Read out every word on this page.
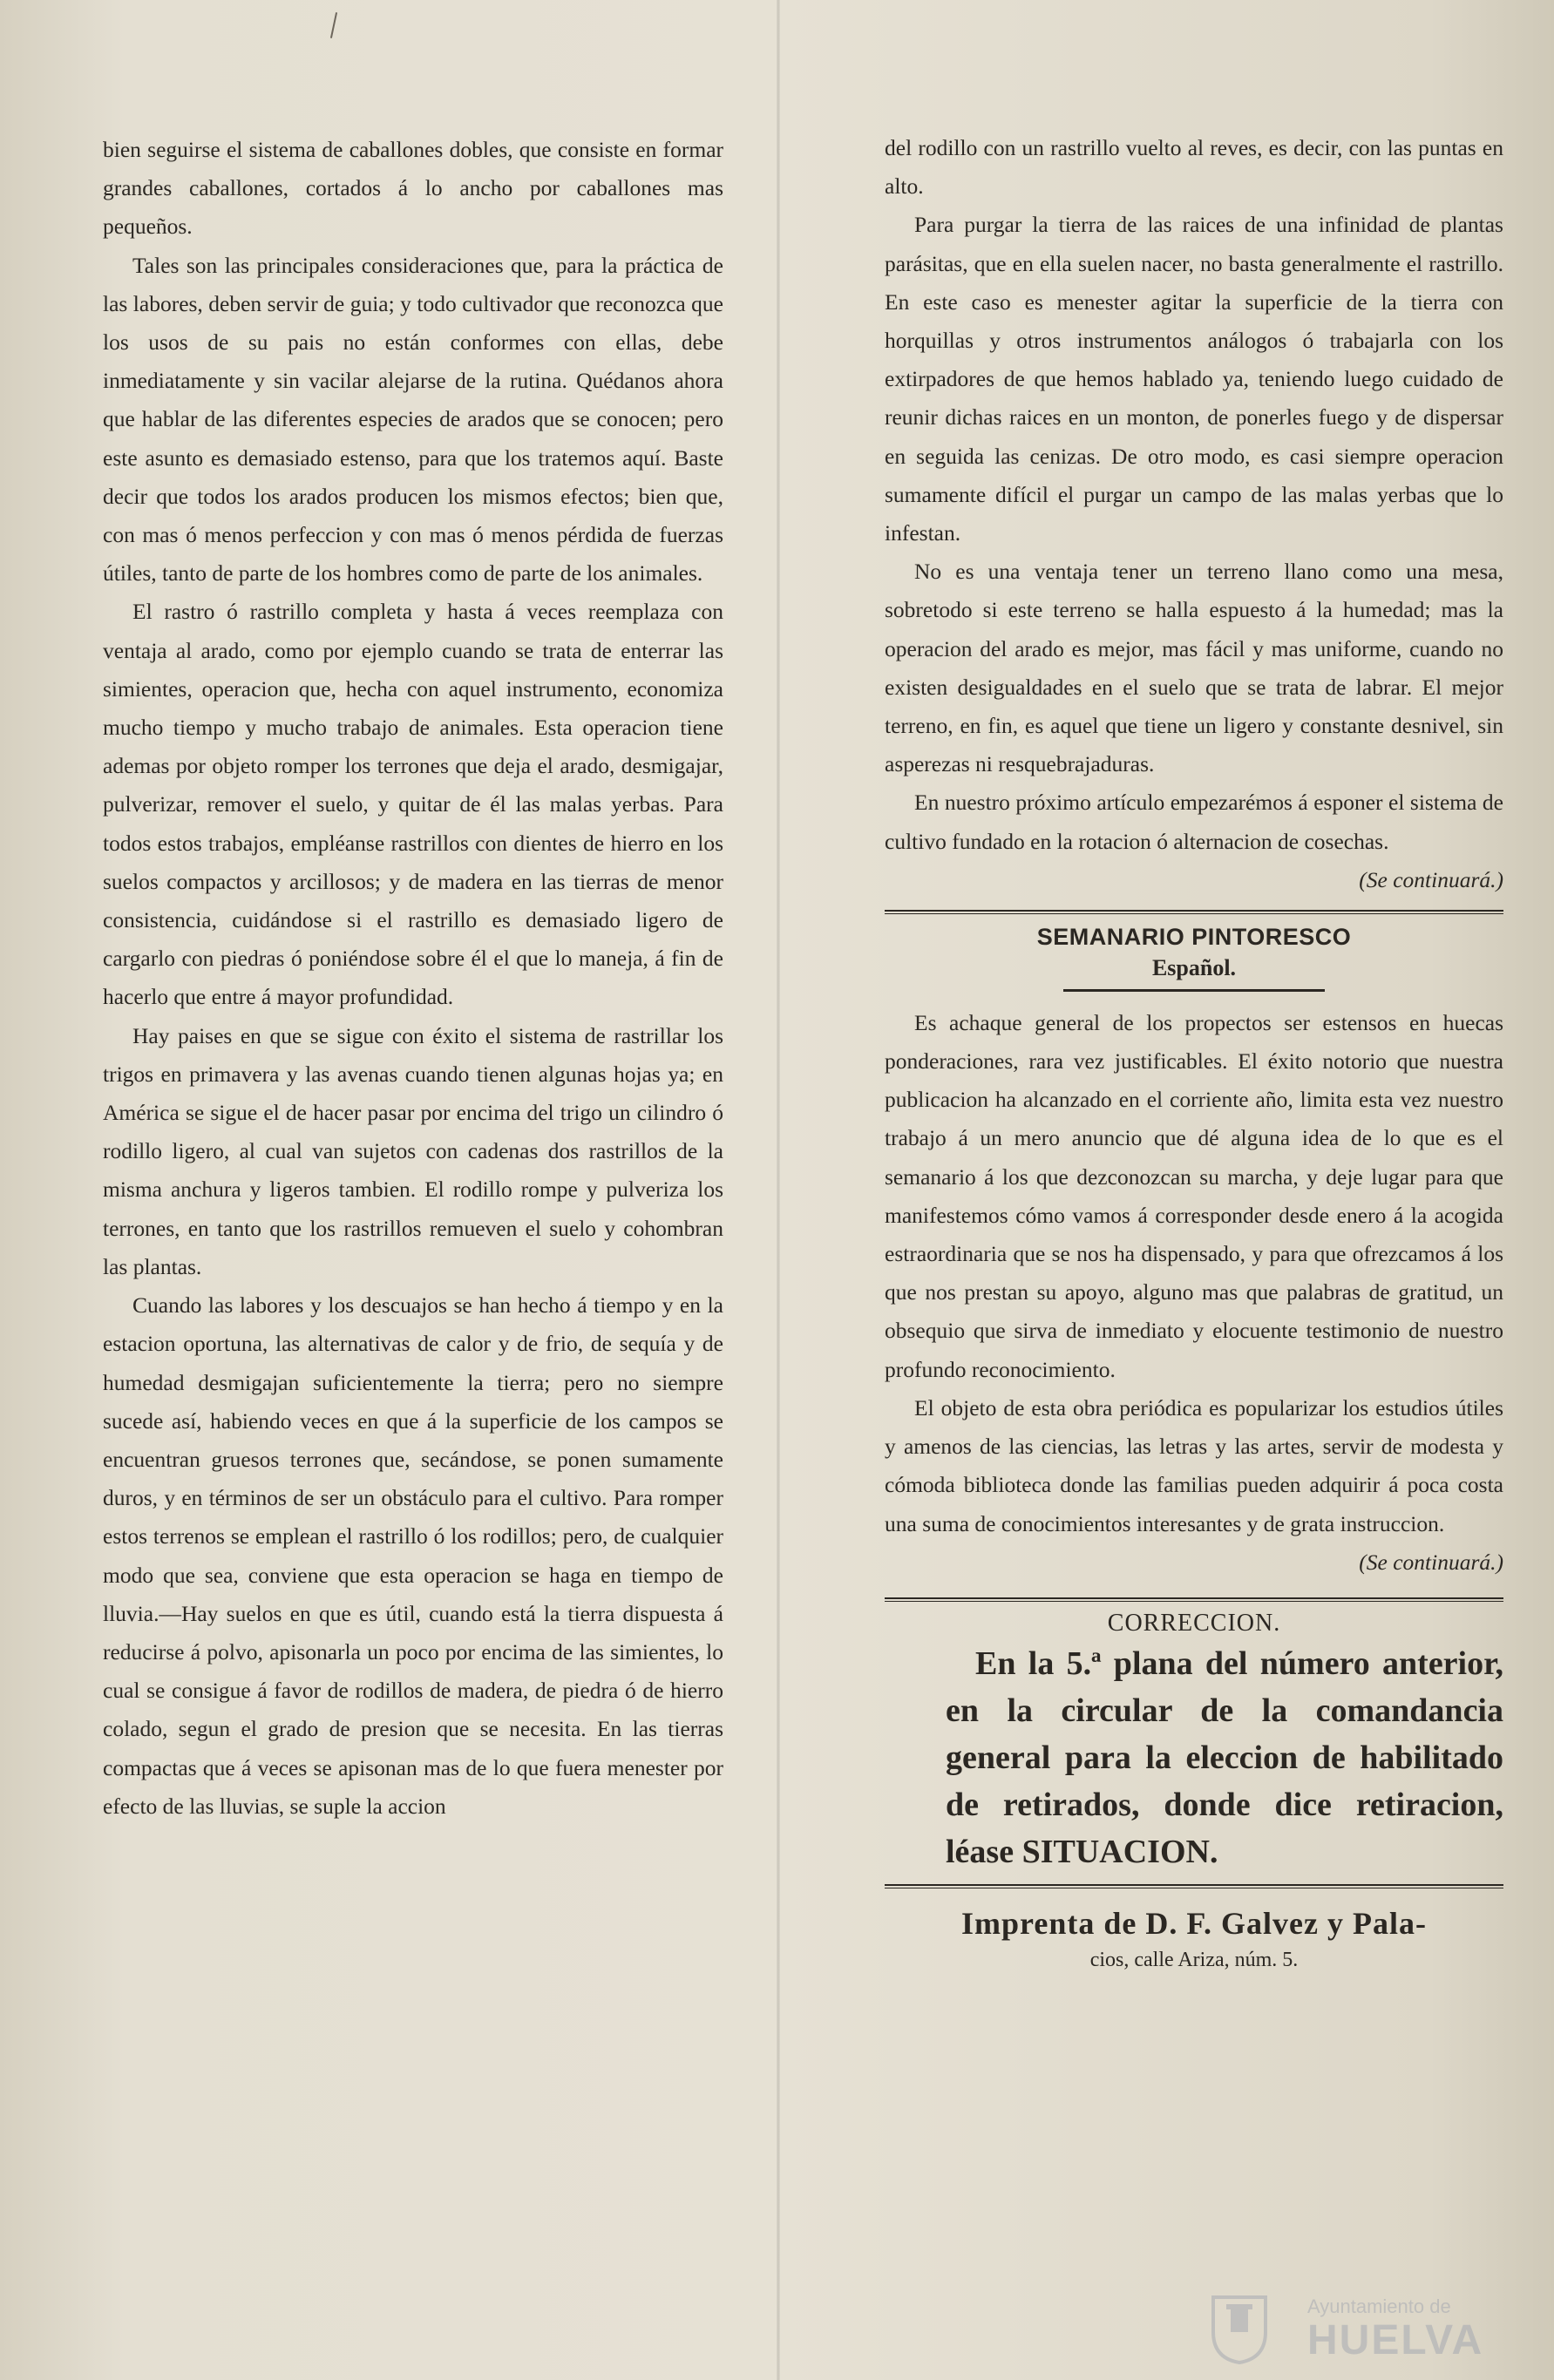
bien seguirse el sistema de caballones dobles, que consiste en formar grandes caballones, cortados á lo ancho por caballones mas pequeños.

Tales son las principales consideraciones que, para la práctica de las labores, deben servir de guia; y todo cultivador que reconozca que los usos de su pais no están conformes con ellas, debe inmediatamente y sin vacilar alejarse de la rutina. Quédanos ahora que hablar de las diferentes especies de arados que se conocen; pero este asunto es demasiado estenso, para que los tratemos aquí. Baste decir que todos los arados producen los mismos efectos; bien que, con mas ó menos perfeccion y con mas ó menos pérdida de fuerzas útiles, tanto de parte de los hombres como de parte de los animales.

El rastro ó rastrillo completa y hasta á veces reemplaza con ventaja al arado, como por ejemplo cuando se trata de enterrar las simientes, operacion que, hecha con aquel instrumento, economiza mucho tiempo y mucho trabajo de animales. Esta operacion tiene ademas por objeto romper los terrones que deja el arado, desmigajar, pulverizar, remover el suelo, y quitar de él las malas yerbas. Para todos estos trabajos, empléanse rastrillos con dientes de hierro en los suelos compactos y arcillosos; y de madera en las tierras de menor consistencia, cuidándose si el rastrillo es demasiado ligero de cargarlo con piedras ó poniéndose sobre él el que lo maneja, á fin de hacerlo que entre á mayor profundidad.

Hay paises en que se sigue con éxito el sistema de rastrillar los trigos en primavera y las avenas cuando tienen algunas hojas ya; en América se sigue el de hacer pasar por encima del trigo un cilindro ó rodillo ligero, al cual van sujetos con cadenas dos rastrillos de la misma anchura y ligeros tambien. El rodillo rompe y pulveriza los terrones, en tanto que los rastrillos remueven el suelo y cohombran las plantas.

Cuando las labores y los descuajos se han hecho á tiempo y en la estacion oportuna, las alternativas de calor y de frio, de sequía y de humedad desmigajan suficientemente la tierra; pero no siempre sucede así, habiendo veces en que á la superficie de los campos se encuentran gruesos terrones que, secándose, se ponen sumamente duros, y en términos de ser un obstáculo para el cultivo. Para romper estos terrenos se emplean el rastrillo ó los rodillos; pero, de cualquier modo que sea, conviene que esta operacion se haga en tiempo de lluvia.—Hay suelos en que es útil, cuando está la tierra dispuesta á reducirse á polvo, apisonarla un poco por encima de las simientes, lo cual se consigue á favor de rodillos de madera, de piedra ó de hierro colado, segun el grado de presion que se necesita. En las tierras compactas que á veces se apisonan mas de lo que fuera menester por efecto de las lluvias, se suple la accion

del rodillo con un rastrillo vuelto al reves, es decir, con las puntas en alto.

Para purgar la tierra de las raices de una infinidad de plantas parásitas, que en ella suelen nacer, no basta generalmente el rastrillo. En este caso es menester agitar la superficie de la tierra con horquillas y otros instrumentos análogos ó trabajarla con los extirpadores de que hemos hablado ya, teniendo luego cuidado de reunir dichas raices en un monton, de ponerles fuego y de dispersar en seguida las cenizas. De otro modo, es casi siempre operacion sumamente difícil el purgar un campo de las malas yerbas que lo infestan.

No es una ventaja tener un terreno llano como una mesa, sobretodo si este terreno se halla espuesto á la humedad; mas la operacion del arado es mejor, mas fácil y mas uniforme, cuando no existen desigualdades en el suelo que se trata de labrar. El mejor terreno, en fin, es aquel que tiene un ligero y constante desnivel, sin asperezas ni resquebrajaduras.

En nuestro próximo artículo empezarémos á esponer el sistema de cultivo fundado en la rotacion ó alternacion de cosechas.

(Se continuará.)
SEMANARIO PINTORESCO
Español.

Es achaque general de los propectos ser estensos en huecas ponderaciones, rara vez justificables. El éxito notorio que nuestra publicacion ha alcanzado en el corriente año, limita esta vez nuestro trabajo á un mero anuncio que dé alguna idea de lo que es el semanario á los que dezconozcan su marcha, y deje lugar para que manifestemos cómo vamos á corresponder desde enero á la acogida estraordinaria que se nos ha dispensado, y para que ofrezcamos á los que nos prestan su apoyo, alguno mas que palabras de gratitud, un obsequio que sirva de inmediato y elocuente testimonio de nuestro profundo reconocimiento.

El objeto de esta obra periódica es popularizar los estudios útiles y amenos de las ciencias, las letras y las artes, servir de modesta y cómoda biblioteca donde las familias pueden adquirir á poca costa una suma de conocimientos interesantes y de grata instruccion.

(Se continuará.)
CORRECCION.

En la 5.ª plana del número anterior, en la circular de la comandancia general para la eleccion de habilitado de retirados, donde dice retiracion, léase SITUACION.

Imprenta de D. F. Galvez y Pala-
cios, calle Ariza, núm. 5.
Ayuntamiento de
HUELVA
